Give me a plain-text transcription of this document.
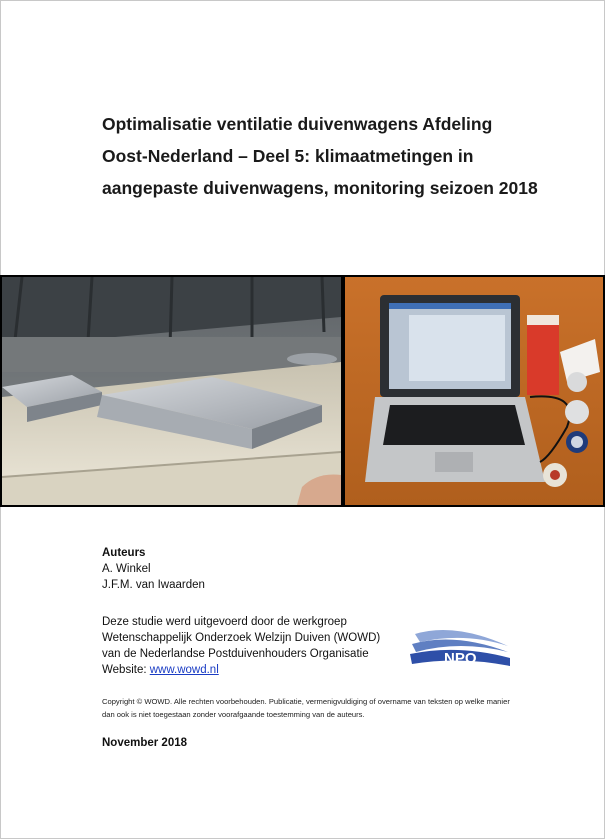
Optimalisatie ventilatie duivenwagens Afdeling
Oost-Nederland – Deel 5: klimaatmetingen in
aangepaste duivenwagens, monitoring seizoen 2018
Auteurs
A. Winkel
J.F.M. van Iwaarden
Deze studie werd uitgevoerd door de werkgroep
Wetenschappelijk Onderzoek Welzijn Duiven (WOWD)
van de Nederlandse Postduivenhouders Organisatie
Website: www.wowd.nl
NPO
Copyright © WOWD. Alle rechten voorbehouden. Publicatie, vermenigvuldiging of overname van teksten op welke manier dan ook is niet toegestaan zonder voorafgaande toestemming van de auteurs.
November 2018
